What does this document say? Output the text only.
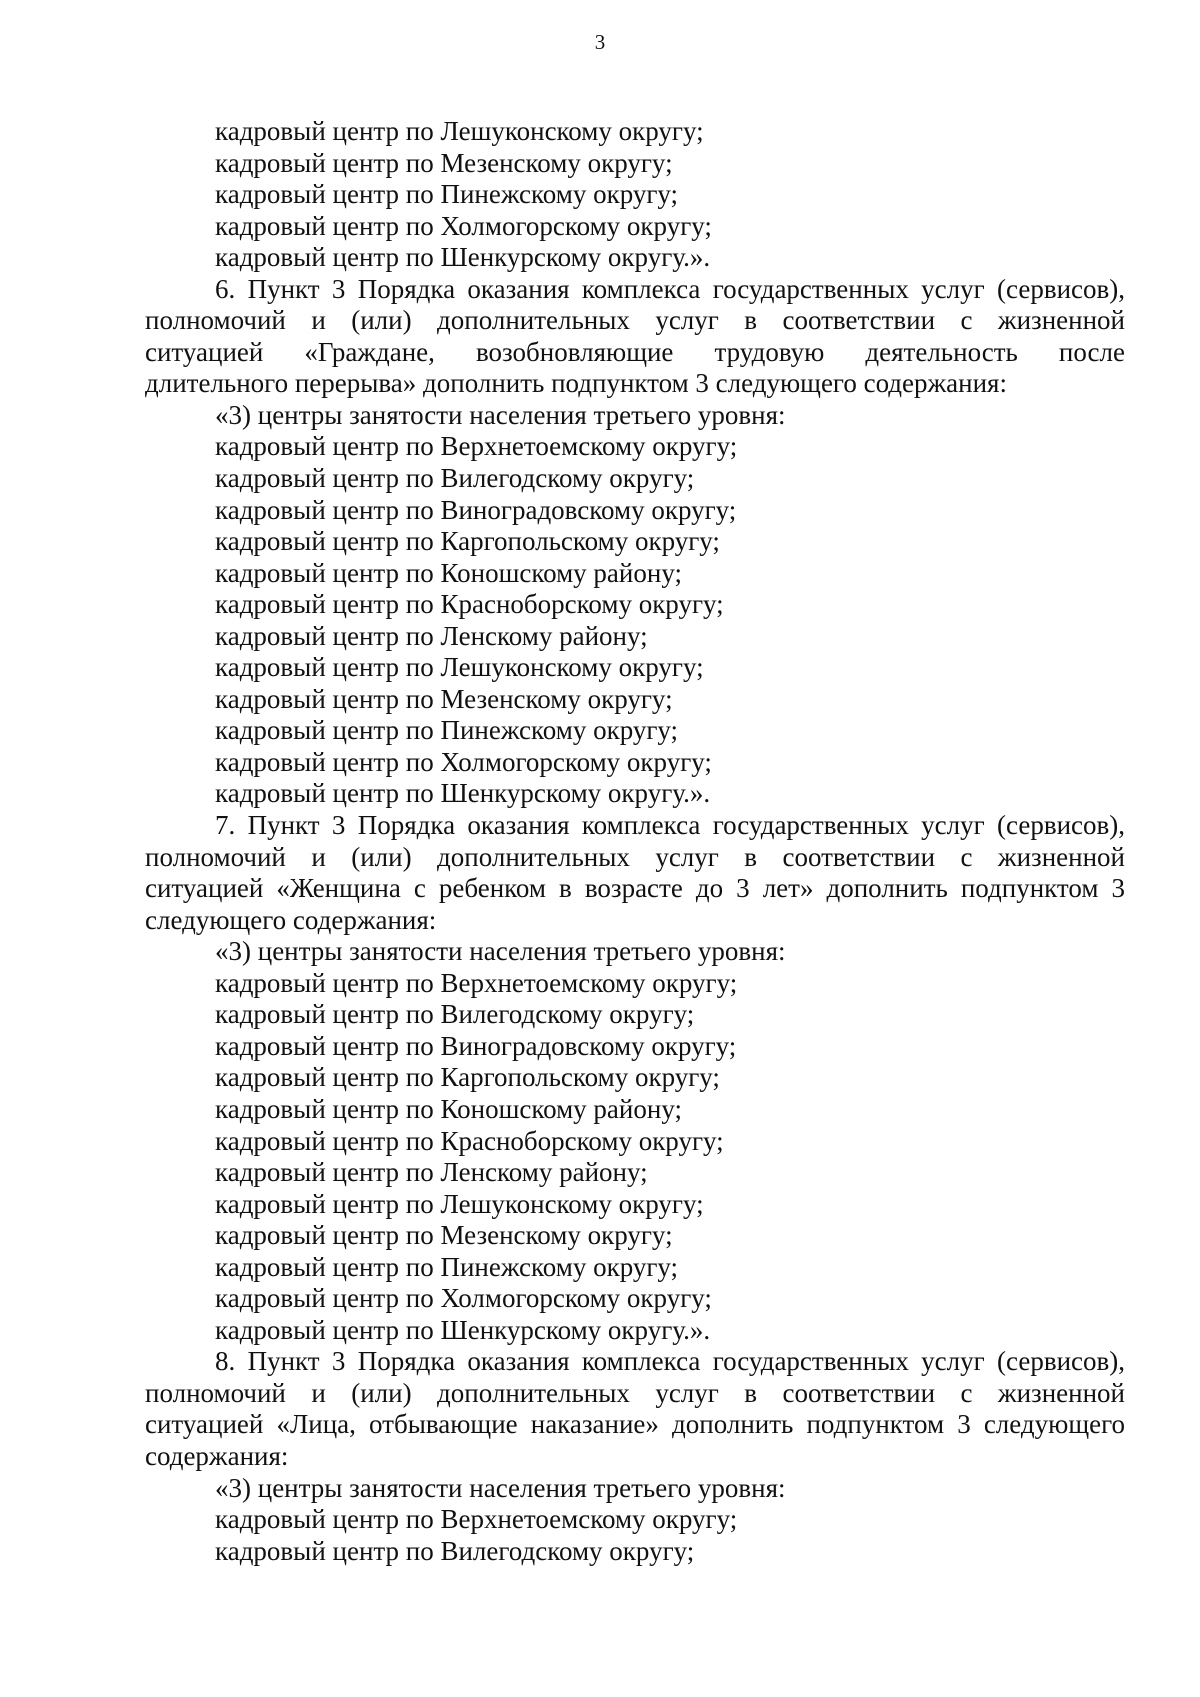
3
кадровый центр по Лешуконскому округу;
кадровый центр по Мезенскому округу;
кадровый центр по Пинежскому округу;
кадровый центр по Холмогорскому округу;
кадровый центр по Шенкурскому округу.».
6. Пункт 3 Порядка оказания комплекса государственных услуг (сервисов),
полномочий и (или) дополнительных услуг в соответствии с жизненной
ситуацией «Граждане, возобновляющие трудовую деятельность после
длительного перерыва» дополнить подпунктом 3 следующего содержания:
«3) центры занятости населения третьего уровня:
кадровый центр по Верхнетоемскому округу;
кадровый центр по Вилегодскому округу;
кадровый центр по Виноградовскому округу;
кадровый центр по Каргопольскому округу;
кадровый центр по Коношскому району;
кадровый центр по Красноборскому округу;
кадровый центр по Ленскому району;
кадровый центр по Лешуконскому округу;
кадровый центр по Мезенскому округу;
кадровый центр по Пинежскому округу;
кадровый центр по Холмогорскому округу;
кадровый центр по Шенкурскому округу.».
7. Пункт 3 Порядка оказания комплекса государственных услуг (сервисов),
полномочий и (или) дополнительных услуг в соответствии с жизненной
ситуацией «Женщина с ребенком в возрасте до 3 лет» дополнить подпунктом 3
следующего содержания:
«3) центры занятости населения третьего уровня:
кадровый центр по Верхнетоемскому округу;
кадровый центр по Вилегодскому округу;
кадровый центр по Виноградовскому округу;
кадровый центр по Каргопольскому округу;
кадровый центр по Коношскому району;
кадровый центр по Красноборскому округу;
кадровый центр по Ленскому району;
кадровый центр по Лешуконскому округу;
кадровый центр по Мезенскому округу;
кадровый центр по Пинежскому округу;
кадровый центр по Холмогорскому округу;
кадровый центр по Шенкурскому округу.».
8. Пункт 3 Порядка оказания комплекса государственных услуг (сервисов),
полномочий и (или) дополнительных услуг в соответствии с жизненной
ситуацией «Лица, отбывающие наказание» дополнить подпунктом 3 следующего
содержания:
«3) центры занятости населения третьего уровня:
кадровый центр по Верхнетоемскому округу;
кадровый центр по Вилегодскому округу;
